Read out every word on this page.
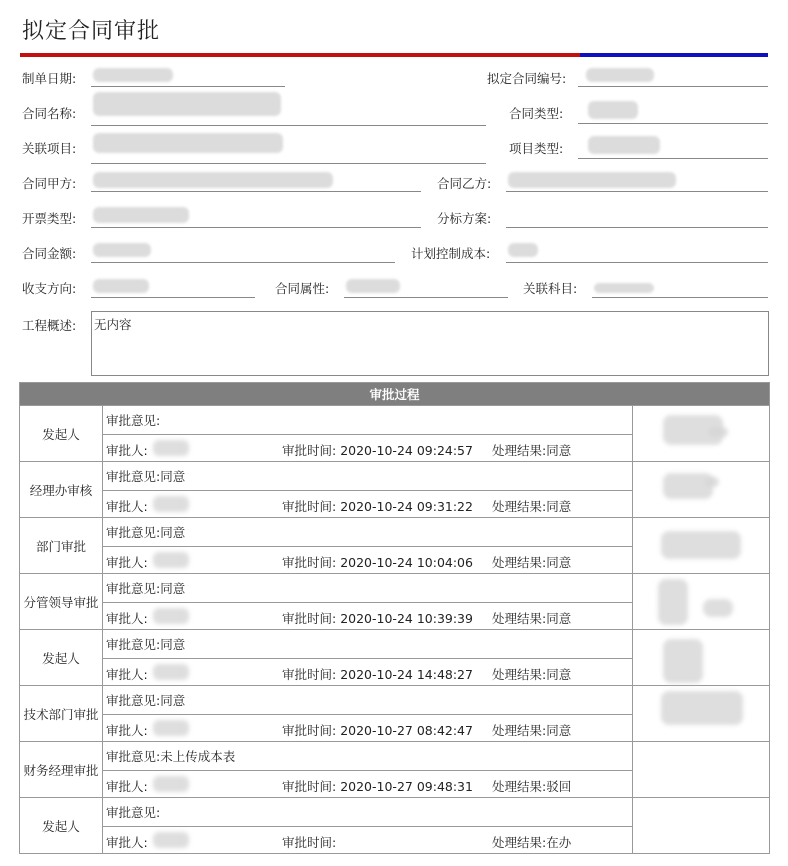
拟定合同审批
制单日期:	拟定合同编号:
合同名称:	合同类型:
关联项目:	项目类型:
合同甲方:	合同乙方:
开票类型:	分标方案:
合同金额:	计划控制成本:
收支方向:	合同属性:	关联科目:
工程概述: 无内容
审批过程		
发起人	审批意见:	

	审批人: 审批时间: 2020-10-24 09:24:57 处理结果:同意	

经理办审核	审批意见:同意	

	审批人: 审批时间: 2020-10-24 09:31:22 处理结果:同意	

部门审批	审批意见:同意	

	审批人: 审批时间: 2020-10-24 10:04:06 处理结果:同意	

分管领导审批	审批意见:同意	

	审批人: 审批时间: 2020-10-24 10:39:39 处理结果:同意	

发起人	审批意见:同意	

	审批人: 审批时间: 2020-10-24 14:48:27 处理结果:同意	

技术部门审批	审批意见:同意	

	审批人: 审批时间: 2020-10-27 08:42:47 处理结果:同意	

财务经理审批	审批意见:未上传成本表	

	审批人: 审批时间: 2020-10-27 09:48:31 处理结果:驳回	

发起人	审批意见:	

	审批人: 审批时间: 处理结果:在办	
